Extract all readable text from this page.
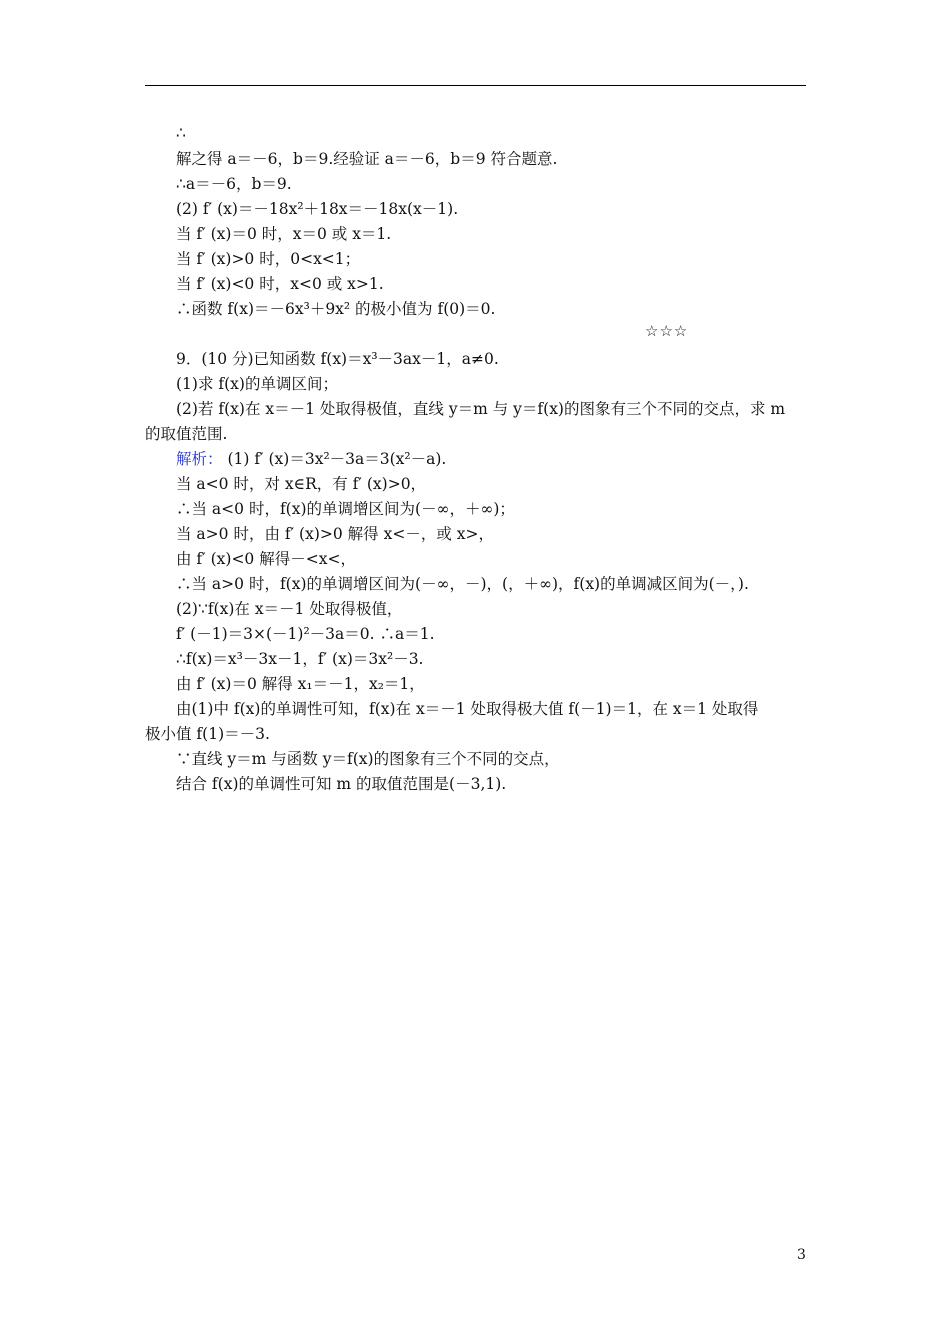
∴
解之得 a＝－6，b＝9.经验证 a＝－6，b＝9 符合题意.
∴a＝－6，b＝9.
(2) f′ (x)＝－18x²＋18x＝－18x(x－1).
当 f′ (x)＝0 时，x＝0 或 x＝1.
当 f′ (x)>0 时，0<x<1；
当 f′ (x)<0 时，x<0 或 x>1.
∴函数 f(x)＝－6x³＋9x² 的极小值为 f(0)＝0.
☆☆☆
9．(10 分)已知函数 f(x)＝x³－3ax－1，a≠0.
(1)求 f(x)的单调区间；
(2)若 f(x)在 x＝－1 处取得极值，直线 y＝m 与 y＝f(x)的图象有三个不同的交点，求 m
的取值范围.
解析： (1) f′ (x)＝3x²－3a＝3(x²－a).
当 a<0 时，对 x∈R，有 f′ (x)>0，
∴当 a<0 时，f(x)的单调增区间为(－∞，＋∞)；
当 a>0 时，由 f′ (x)>0 解得 x<－，或 x>，
由 f′ (x)<0 解得－<x<，
∴当 a>0 时，f(x)的单调增区间为(－∞，－)，(，＋∞)，f(x)的单调减区间为(－，).
(2)∵f(x)在 x＝－1 处取得极值，
f′ (－1)＝3×(－1)²－3a＝0. ∴a＝1.
∴f(x)＝x³－3x－1，f′ (x)＝3x²－3.
由 f′ (x)＝0 解得 x₁＝－1，x₂＝1，
由(1)中 f(x)的单调性可知，f(x)在 x＝－1 处取得极大值 f(－1)＝1，在 x＝1 处取得
极小值 f(1)＝－3.
∵直线 y＝m 与函数 y＝f(x)的图象有三个不同的交点，
结合 f(x)的单调性可知 m 的取值范围是(－3,1).
3
